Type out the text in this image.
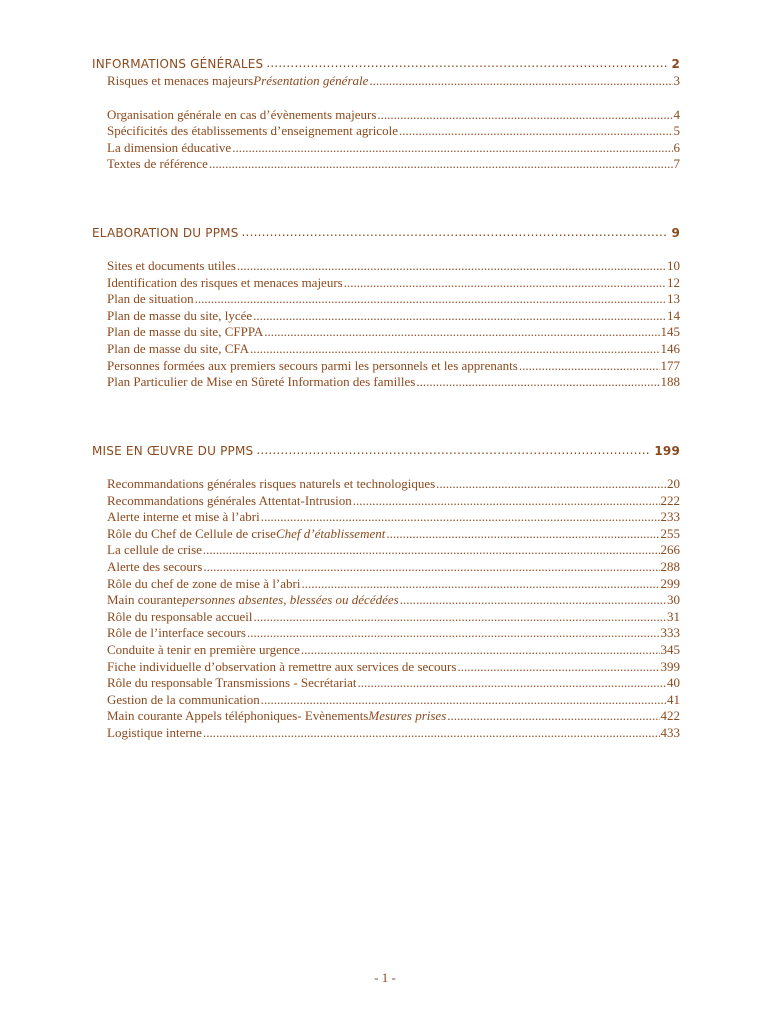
INFORMATIONS GÉNÉRALES .....	2
Risques et menaces majeurs Présentation générale .....	3
Organisation générale en cas d’évènements majeurs .....	4
Spécificités des établissements d’enseignement agricole .....	5
La dimension éducative .....	6
Textes de référence .....	7
ELABORATION DU PPMS .....	9
Sites et documents utiles .....	10
Identification des risques et menaces majeurs .....	12
Plan de situation .....	13
Plan de masse du site, lycée .....	14
Plan de masse du site, CFPPA .....	145
Plan de masse du site, CFA .....	146
Personnes formées aux premiers secours parmi les personnels et les apprenants .....	177
Plan Particulier de Mise en Sûreté Information des familles .....	188
MISE EN ŒUVRE DU PPMS .....	199
Recommandations générales risques naturels et technologiques .....	20
Recommandations générales Attentat-Intrusion .....	222
Alerte interne et mise à l’abri .....	233
Rôle du Chef de Cellule de crise Chef d’établissement .....	255
La cellule de crise .....	266
Alerte des secours .....	288
Rôle du chef de zone de mise à l’abri .....	299
Main courante personnes absentes, blessées ou décédées .....	30
Rôle du responsable accueil .....	31
Rôle de l’interface secours .....	333
Conduite à tenir en première urgence .....	345
Fiche individuelle d’observation à remettre aux services de secours .....	399
Rôle du responsable Transmissions - Secrétariat .....	40
Gestion de la communication .....	41
Main courante Appels téléphoniques- Evènements Mesures prises .....	422
Logistique interne .....	433
- 1 -
